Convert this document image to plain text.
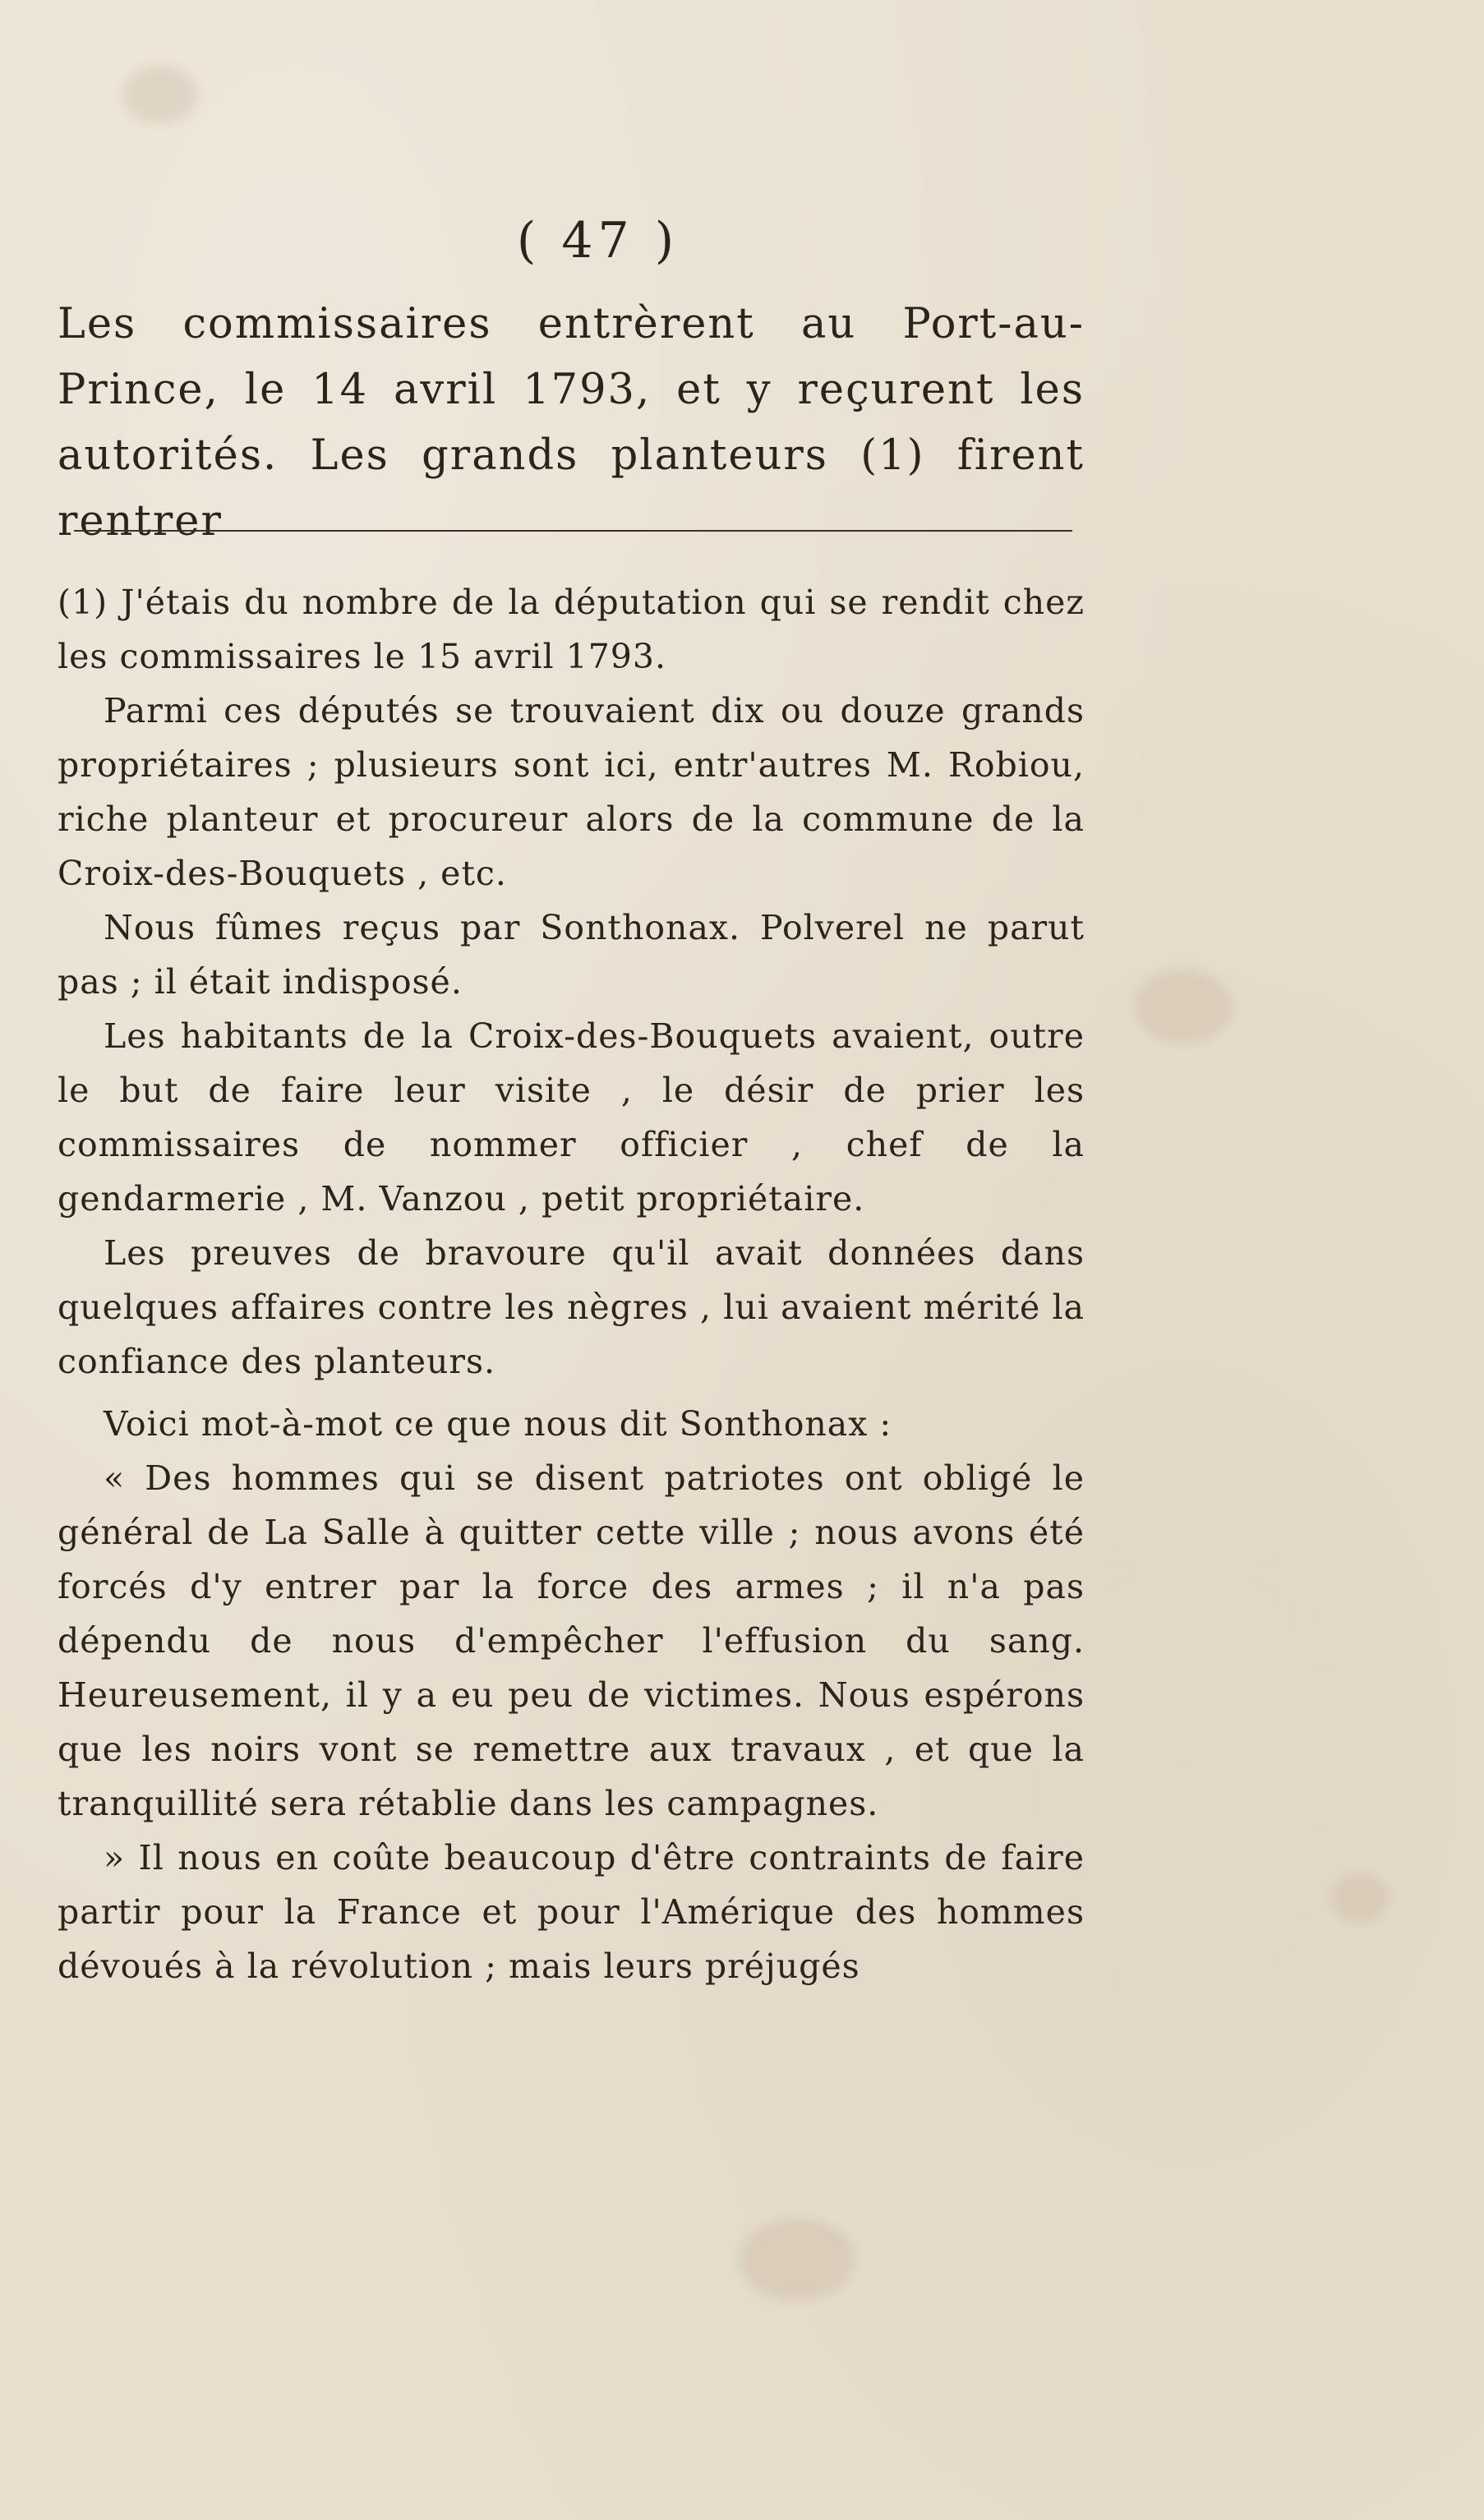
( 47 )

Les commissaires entrèrent au Port-au-Prince, le 14 avril 1793, et y reçurent les autorités. Les grands planteurs (1) firent rentrer

(1) J'étais du nombre de la députation qui se rendit chez les commissaires le 15 avril 1793.

Parmi ces députés se trouvaient dix ou douze grands propriétaires ; plusieurs sont ici, entr'autres M. Robiou, riche planteur et procureur alors de la commune de la Croix-des-Bouquets , etc.

Nous fûmes reçus par Sonthonax. Polverel ne parut pas ; il était indisposé.

Les habitants de la Croix-des-Bouquets avaient, outre le but de faire leur visite , le désir de prier les commissaires de nommer officier , chef de la gendarmerie , M. Vanzou , petit propriétaire.

Les preuves de bravoure qu'il avait données dans quelques affaires contre les nègres , lui avaient mérité la confiance des planteurs.

Voici mot-à-mot ce que nous dit Sonthonax :

« Des hommes qui se disent patriotes ont obligé le général de La Salle à quitter cette ville ; nous avons été forcés d'y entrer par la force des armes ; il n'a pas dépendu de nous d'empêcher l'effusion du sang. Heureusement, il y a eu peu de victimes. Nous espérons que les noirs vont se remettre aux travaux , et que la tranquillité sera rétablie dans les campagnes.

» Il nous en coûte beaucoup d'être contraints de faire partir pour la France et pour l'Amérique des hommes dévoués à la révolution ; mais leurs préjugés
